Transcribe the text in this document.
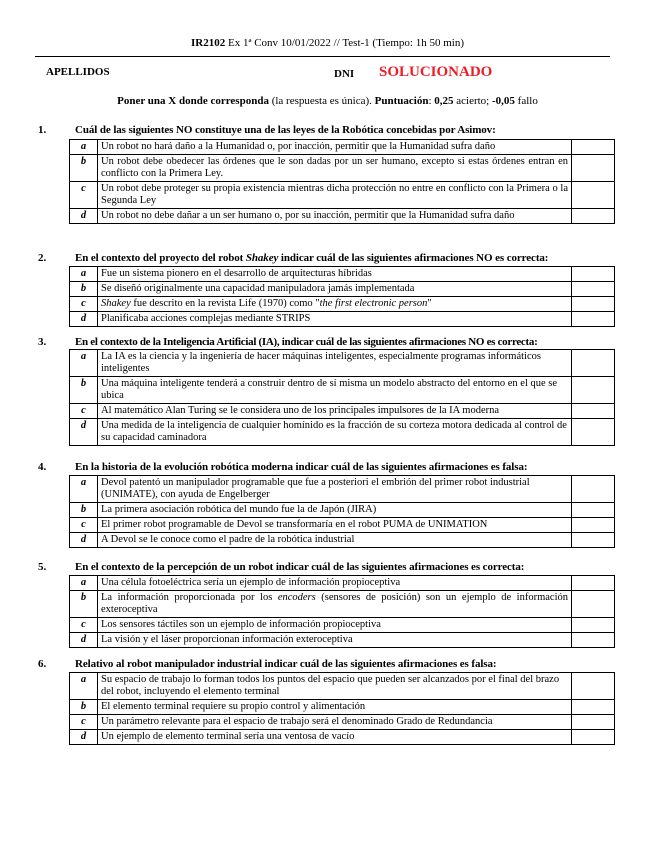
IR2102 Ex 1ª Conv 10/01/2022 // Test-1 (Tiempo: 1h 50 min)
APELLIDOS	DNI SOLUCIONADO
Poner una X donde corresponda (la respuesta es única). Puntuación: 0,25 acierto; -0,05 fallo
1.	Cuál de las siguientes NO constituye una de las leyes de la Robótica concebidas por Asimov:
a	Un robot no hará daño a la Humanidad o, por inacción, permitir que la Humanidad sufra daño	
b	Un robot debe obedecer las órdenes que le son dadas por un ser humano, excepto si estas órdenes entran en conflicto con la Primera Ley.	
c	Un robot debe proteger su propia existencia mientras dicha protección no entre en conflicto con la Primera o la Segunda Ley	
d	Un robot no debe dañar a un ser humano o, por su inacción, permitir que la Humanidad sufra daño	
2.	En el contexto del proyecto del robot Shakey indicar cuál de las siguientes afirmaciones NO es correcta:
a	Fue un sistema pionero en el desarrollo de arquitecturas híbridas	
b	Se diseñó originalmente una capacidad manipuladora jamás implementada	
c	Shakey fue descrito en la revista Life (1970) como "the first electronic person"	
d	Planificaba acciones complejas mediante STRIPS	
3.	En el contexto de la Inteligencia Artificial (IA), indicar cuál de las siguientes afirmaciones NO es correcta:
a	La IA es la ciencia y la ingeniería de hacer máquinas inteligentes, especialmente programas informáticos inteligentes	
b	Una máquina inteligente tenderá a construir dentro de sí misma un modelo abstracto del entorno en el que se ubica	
c	Al matemático Alan Turing se le considera uno de los principales impulsores de la IA moderna	
d	Una medida de la inteligencia de cualquier homínido es la fracción de su corteza motora dedicada al control de su capacidad caminadora	
4.	En la historia de la evolución robótica moderna indicar cuál de las siguientes afirmaciones es falsa:
a	Devol patentó un manipulador programable que fue a posteriori el embrión del primer robot industrial (UNIMATE), con ayuda de Engelberger	
b	La primera asociación robótica del mundo fue la de Japón (JIRA)	
c	El primer robot programable de Devol se transformaría en el robot PUMA de UNIMATION	
d	A Devol se le conoce como el padre de la robótica industrial	
5.	En el contexto de la percepción de un robot indicar cuál de las siguientes afirmaciones es correcta:
a	Una célula fotoeléctrica sería un ejemplo de información propioceptiva	
b	La información proporcionada por los encoders (sensores de posición) son un ejemplo de información exteroceptiva	
c	Los sensores táctiles son un ejemplo de información propioceptiva	
d	La visión y el láser proporcionan información exteroceptiva	
6.	Relativo al robot manipulador industrial indicar cuál de las siguientes afirmaciones es falsa:
a	Su espacio de trabajo lo forman todos los puntos del espacio que pueden ser alcanzados por el final del brazo del robot, incluyendo el elemento terminal	
b	El elemento terminal requiere su propio control y alimentación	
c	Un parámetro relevante para el espacio de trabajo será el denominado Grado de Redundancia	
d	Un ejemplo de elemento terminal sería una ventosa de vacío	
